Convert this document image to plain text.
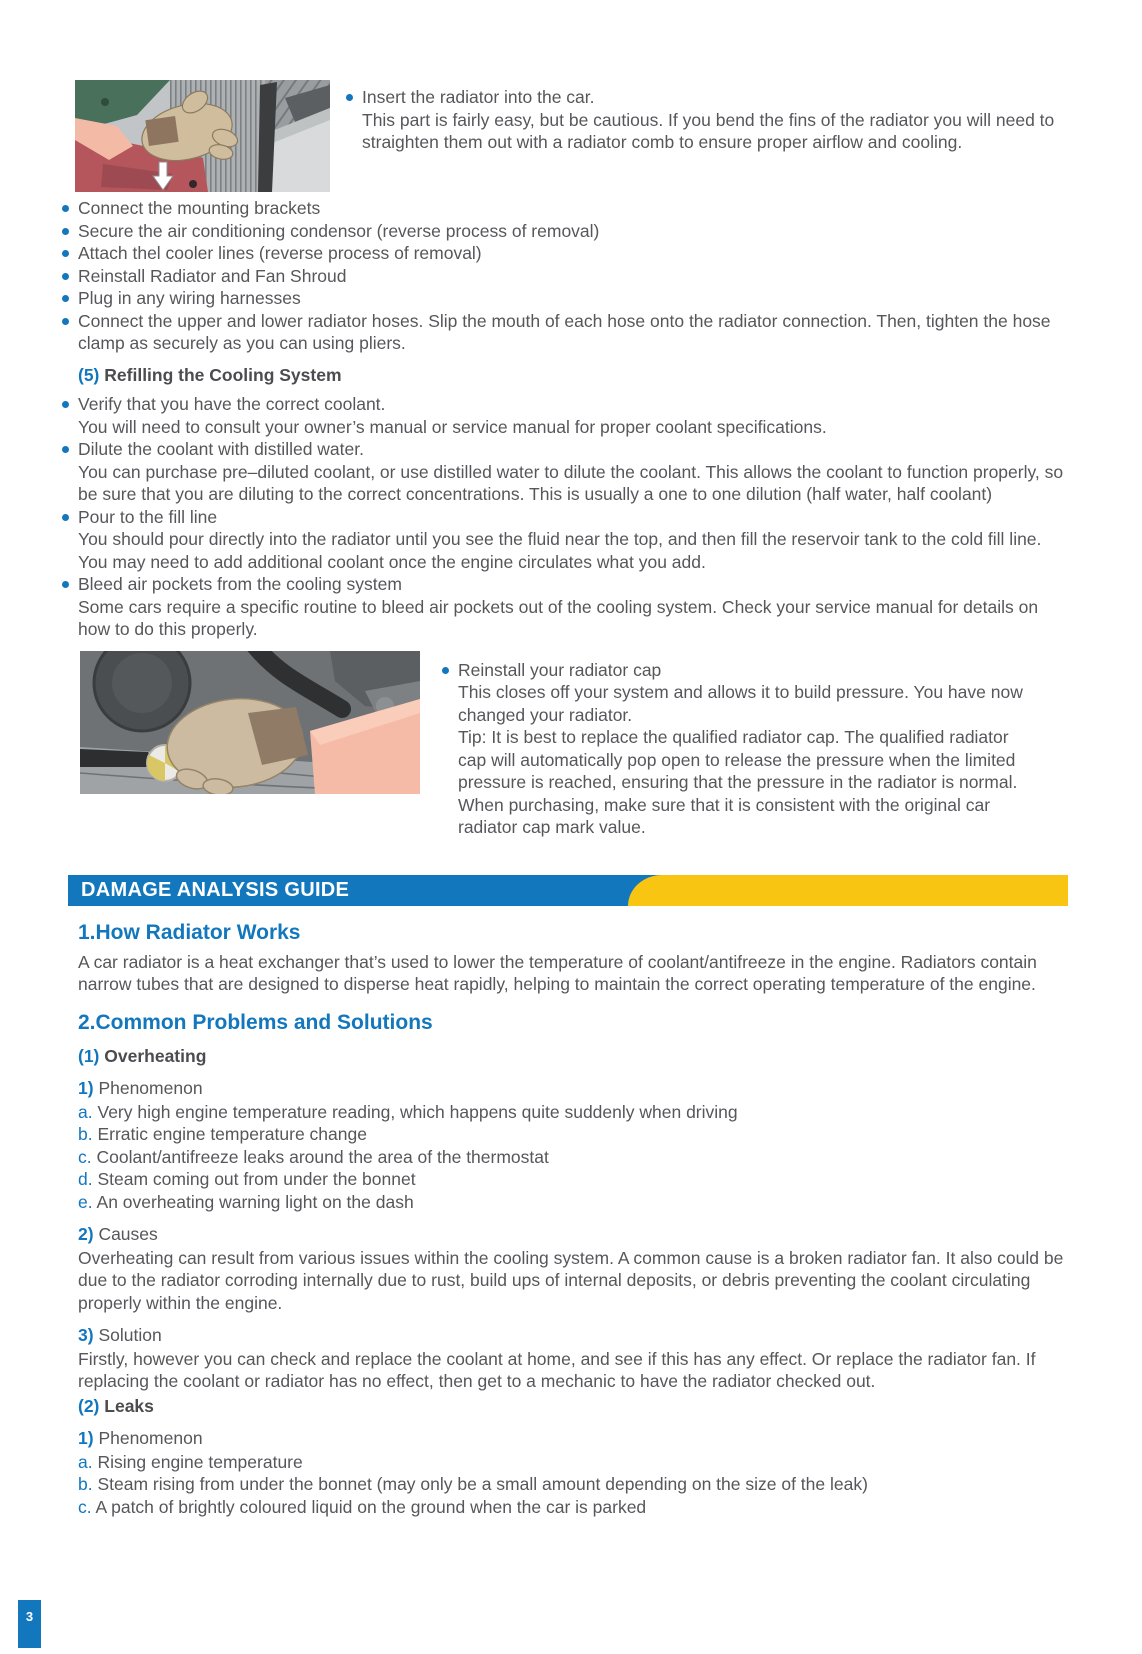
Insert the radiator into the car.
This part is fairly easy, but be cautious. If you bend the fins of the radiator you will need to straighten them out with a radiator comb to ensure proper airflow and cooling.
Connect the mounting brackets
Secure the air conditioning condensor (reverse process of removal)
Attach thel cooler lines (reverse process of removal)
Reinstall Radiator and Fan Shroud
Plug in any wiring harnesses
Connect the upper and lower radiator hoses. Slip the mouth of each hose onto the radiator connection. Then, tighten the hose clamp as securely as you can using pliers.
(5) Refilling the Cooling System
Verify that you have the correct coolant.
You will need to consult your owner’s manual or service manual for proper coolant specifications.
Dilute the coolant with distilled water.
You can purchase pre–diluted coolant, or use distilled water to dilute the coolant. This allows the coolant to function properly, so be sure that you are diluting to the correct concentrations. This is usually a one to one dilution (half water, half coolant)
Pour to the fill line
You should pour directly into the radiator until you see the fluid near the top, and then fill the reservoir tank to the cold fill line. You may need to add additional coolant once the engine circulates what you add.
Bleed air pockets from the cooling system
Some cars require a specific routine to bleed air pockets out of the cooling system. Check your service manual for details on how to do this properly.
Reinstall your radiator cap
This closes off your system and allows it to build pressure. You have now changed your radiator.
Tip: It is best to replace the qualified radiator cap. The qualified radiator cap will automatically pop open to release the pressure when the limited pressure is reached, ensuring that the pressure in the radiator is normal. When purchasing, make sure that it is consistent with the original car radiator cap mark value.
DAMAGE ANALYSIS GUIDE
1.How Radiator Works
A car radiator is a heat exchanger that’s used to lower the temperature of coolant/antifreeze in the engine. Radiators contain narrow tubes that are designed to disperse heat rapidly, helping to maintain the correct operating temperature of the engine.
2.Common Problems and Solutions
(1) Overheating
1) Phenomenon
a. Very high engine temperature reading, which happens quite suddenly when driving
b. Erratic engine temperature change
c. Coolant/antifreeze leaks around the area of the thermostat
d. Steam coming out from under the bonnet
e. An overheating warning light on the dash
2) Causes
Overheating can result from various issues within the cooling system. A common cause is a broken radiator fan. It also could be due to the radiator corroding internally due to rust, build ups of internal deposits, or debris preventing the coolant circulating properly within the engine.
3) Solution
Firstly, however you can check and replace the coolant at home, and see if this has any effect. Or replace the radiator fan. If replacing the coolant or radiator has no effect, then get to a mechanic to have the radiator checked out.
(2) Leaks
1) Phenomenon
a. Rising engine temperature
b. Steam rising from under the bonnet (may only be a small amount depending on the size of the leak)
c. A patch of brightly coloured liquid on the ground when the car is parked
3
